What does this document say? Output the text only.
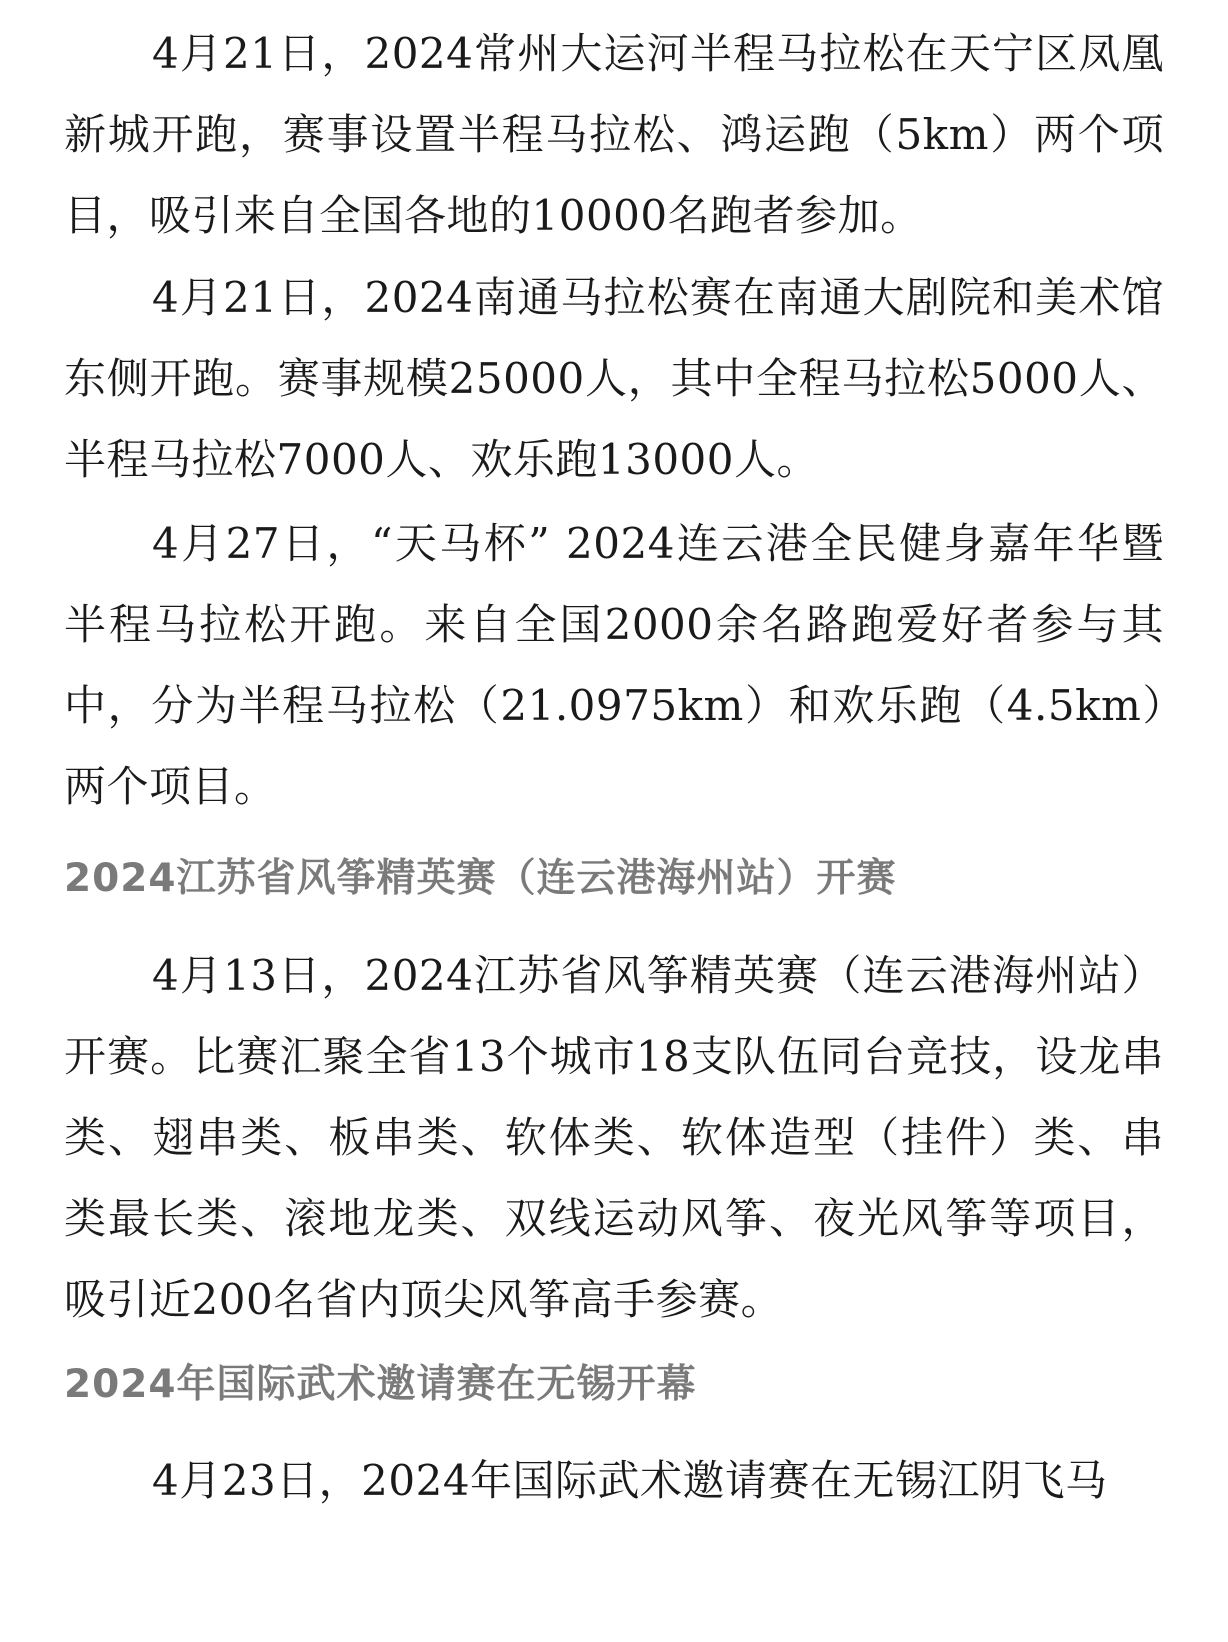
4月21日，2024常州大运河半程马拉松在天宁区凤凰新城开跑，赛事设置半程马拉松、鸿运跑（5km）两个项目，吸引来自全国各地的10000名跑者参加。

4月21日，2024南通马拉松赛在南通大剧院和美术馆东侧开跑。赛事规模25000人，其中全程马拉松5000人、半程马拉松7000人、欢乐跑13000人。

4月27日，“天马杯” 2024连云港全民健身嘉年华暨半程马拉松开跑。来自全国2000余名路跑爱好者参与其中，分为半程马拉松（21.0975km）和欢乐跑（4.5km）两个项目。

2024江苏省风筝精英赛（连云港海州站）开赛

4月13日，2024江苏省风筝精英赛（连云港海州站）开赛。比赛汇聚全省13个城市18支队伍同台竞技，设龙串类、翅串类、板串类、软体类、软体造型（挂件）类、串类最长类、滚地龙类、双线运动风筝、夜光风筝等项目，吸引近200名省内顶尖风筝高手参赛。

2024年国际武术邀请赛在无锡开幕

4月23日，2024年国际武术邀请赛在无锡江阴飞马
